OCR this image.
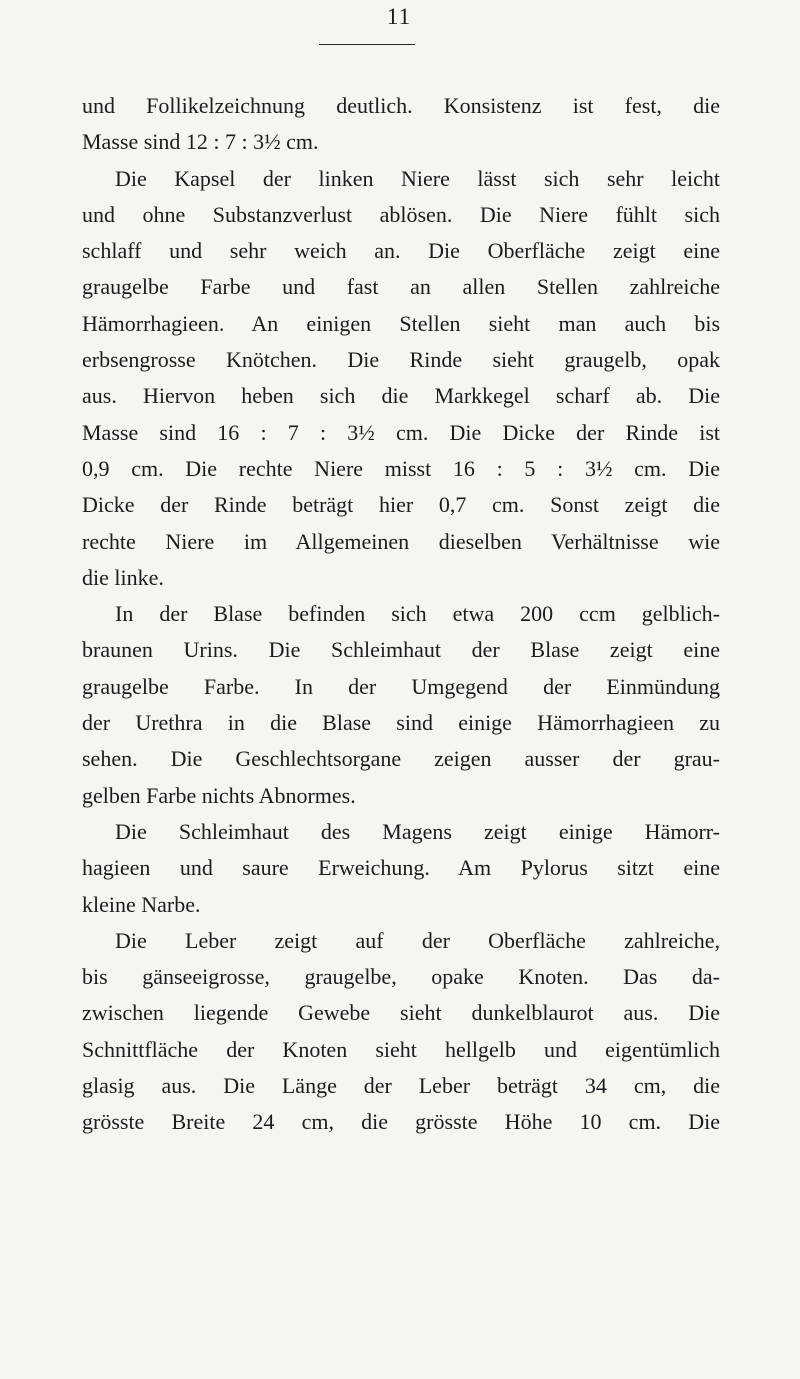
11
und Follikelzeichnung deutlich. Konsistenz ist fest, die
Masse sind 12 : 7 : 3½ cm.
Die Kapsel der linken Niere lässt sich sehr leicht
und ohne Substanzverlust ablösen. Die Niere fühlt sich
schlaff und sehr weich an. Die Oberfläche zeigt eine
graugelbe Farbe und fast an allen Stellen zahlreiche
Hämorrhagieen. An einigen Stellen sieht man auch bis
erbsengrosse Knötchen. Die Rinde sieht graugelb, opak
aus. Hiervon heben sich die Markkegel scharf ab. Die
Masse sind 16 : 7 : 3½ cm. Die Dicke der Rinde ist
0,9 cm. Die rechte Niere misst 16 : 5 : 3½ cm. Die
Dicke der Rinde beträgt hier 0,7 cm. Sonst zeigt die
rechte Niere im Allgemeinen dieselben Verhältnisse wie
die linke.
In der Blase befinden sich etwa 200 ccm gelblich-
braunen Urins. Die Schleimhaut der Blase zeigt eine
graugelbe Farbe. In der Umgegend der Einmündung
der Urethra in die Blase sind einige Hämorrhagieen zu
sehen. Die Geschlechtsorgane zeigen ausser der grau-
gelben Farbe nichts Abnormes.
Die Schleimhaut des Magens zeigt einige Hämorr-
hagieen und saure Erweichung. Am Pylorus sitzt eine
kleine Narbe.
Die Leber zeigt auf der Oberfläche zahlreiche,
bis gänseeigrosse, graugelbe, opake Knoten. Das da-
zwischen liegende Gewebe sieht dunkelblaurot aus. Die
Schnittfläche der Knoten sieht hellgelb und eigentümlich
glasig aus. Die Länge der Leber beträgt 34 cm, die
grösste Breite 24 cm, die grösste Höhe 10 cm. Die
